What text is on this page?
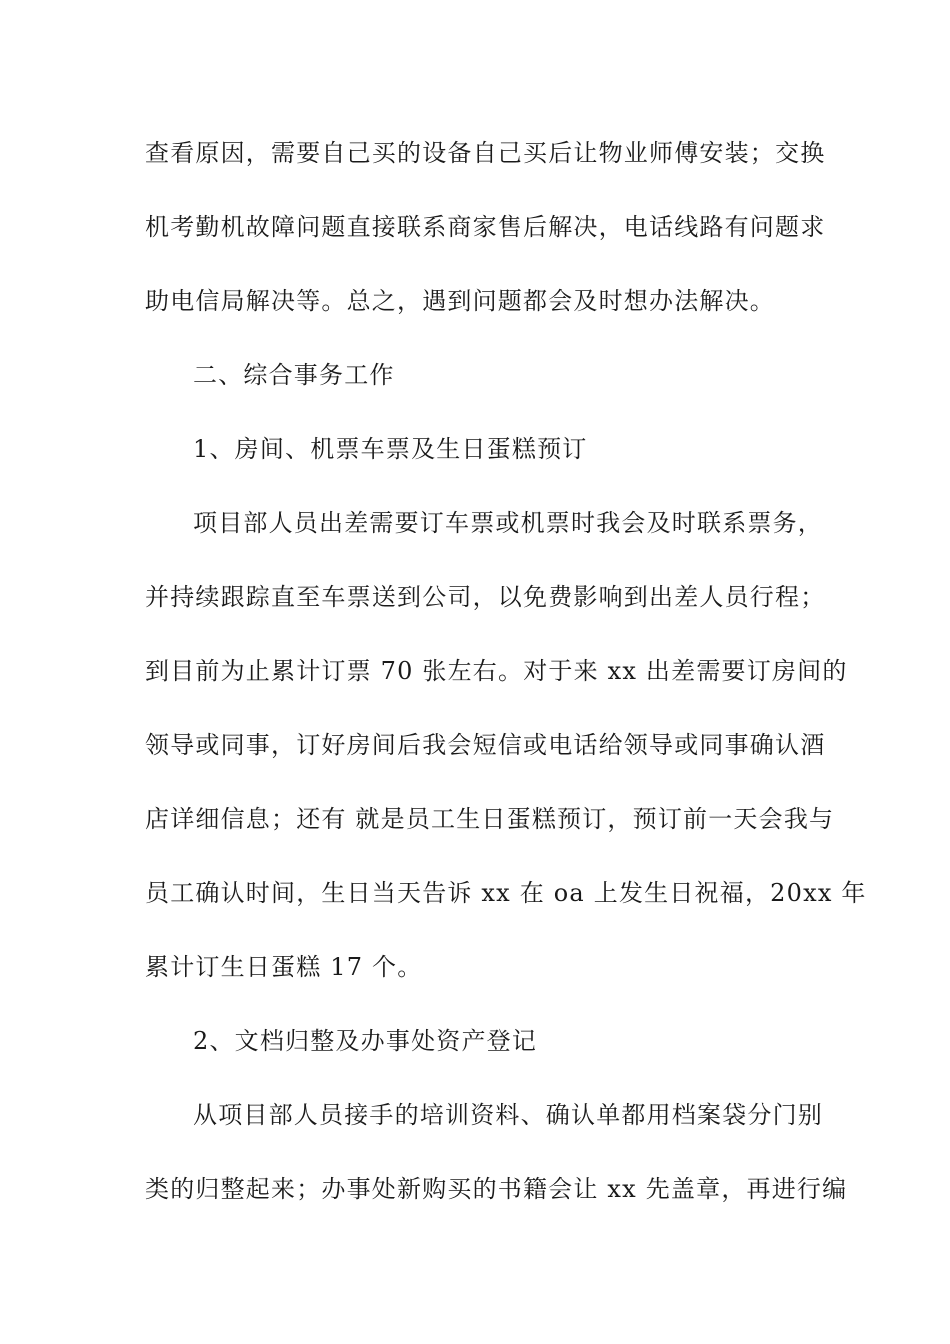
查看原因，需要自己买的设备自己买后让物业师傅安装；交换
机考勤机故障问题直接联系商家售后解决，电话线路有问题求
助电信局解决等。总之，遇到问题都会及时想办法解决。
二、综合事务工作
1、房间、机票车票及生日蛋糕预订
项目部人员出差需要订车票或机票时我会及时联系票务，
并持续跟踪直至车票送到公司，以免费影响到出差人员行程；
到目前为止累计订票 70 张左右。对于来 xx 出差需要订房间的
领导或同事，订好房间后我会短信或电话给领导或同事确认酒
店详细信息；还有 就是员工生日蛋糕预订，预订前一天会我与
员工确认时间，生日当天告诉 xx 在 oa 上发生日祝福，20xx 年
累计订生日蛋糕 17 个。
2、文档归整及办事处资产登记
从项目部人员接手的培训资料、确认单都用档案袋分门别
类的归整起来；办事处新购买的书籍会让 xx 先盖章，再进行编
